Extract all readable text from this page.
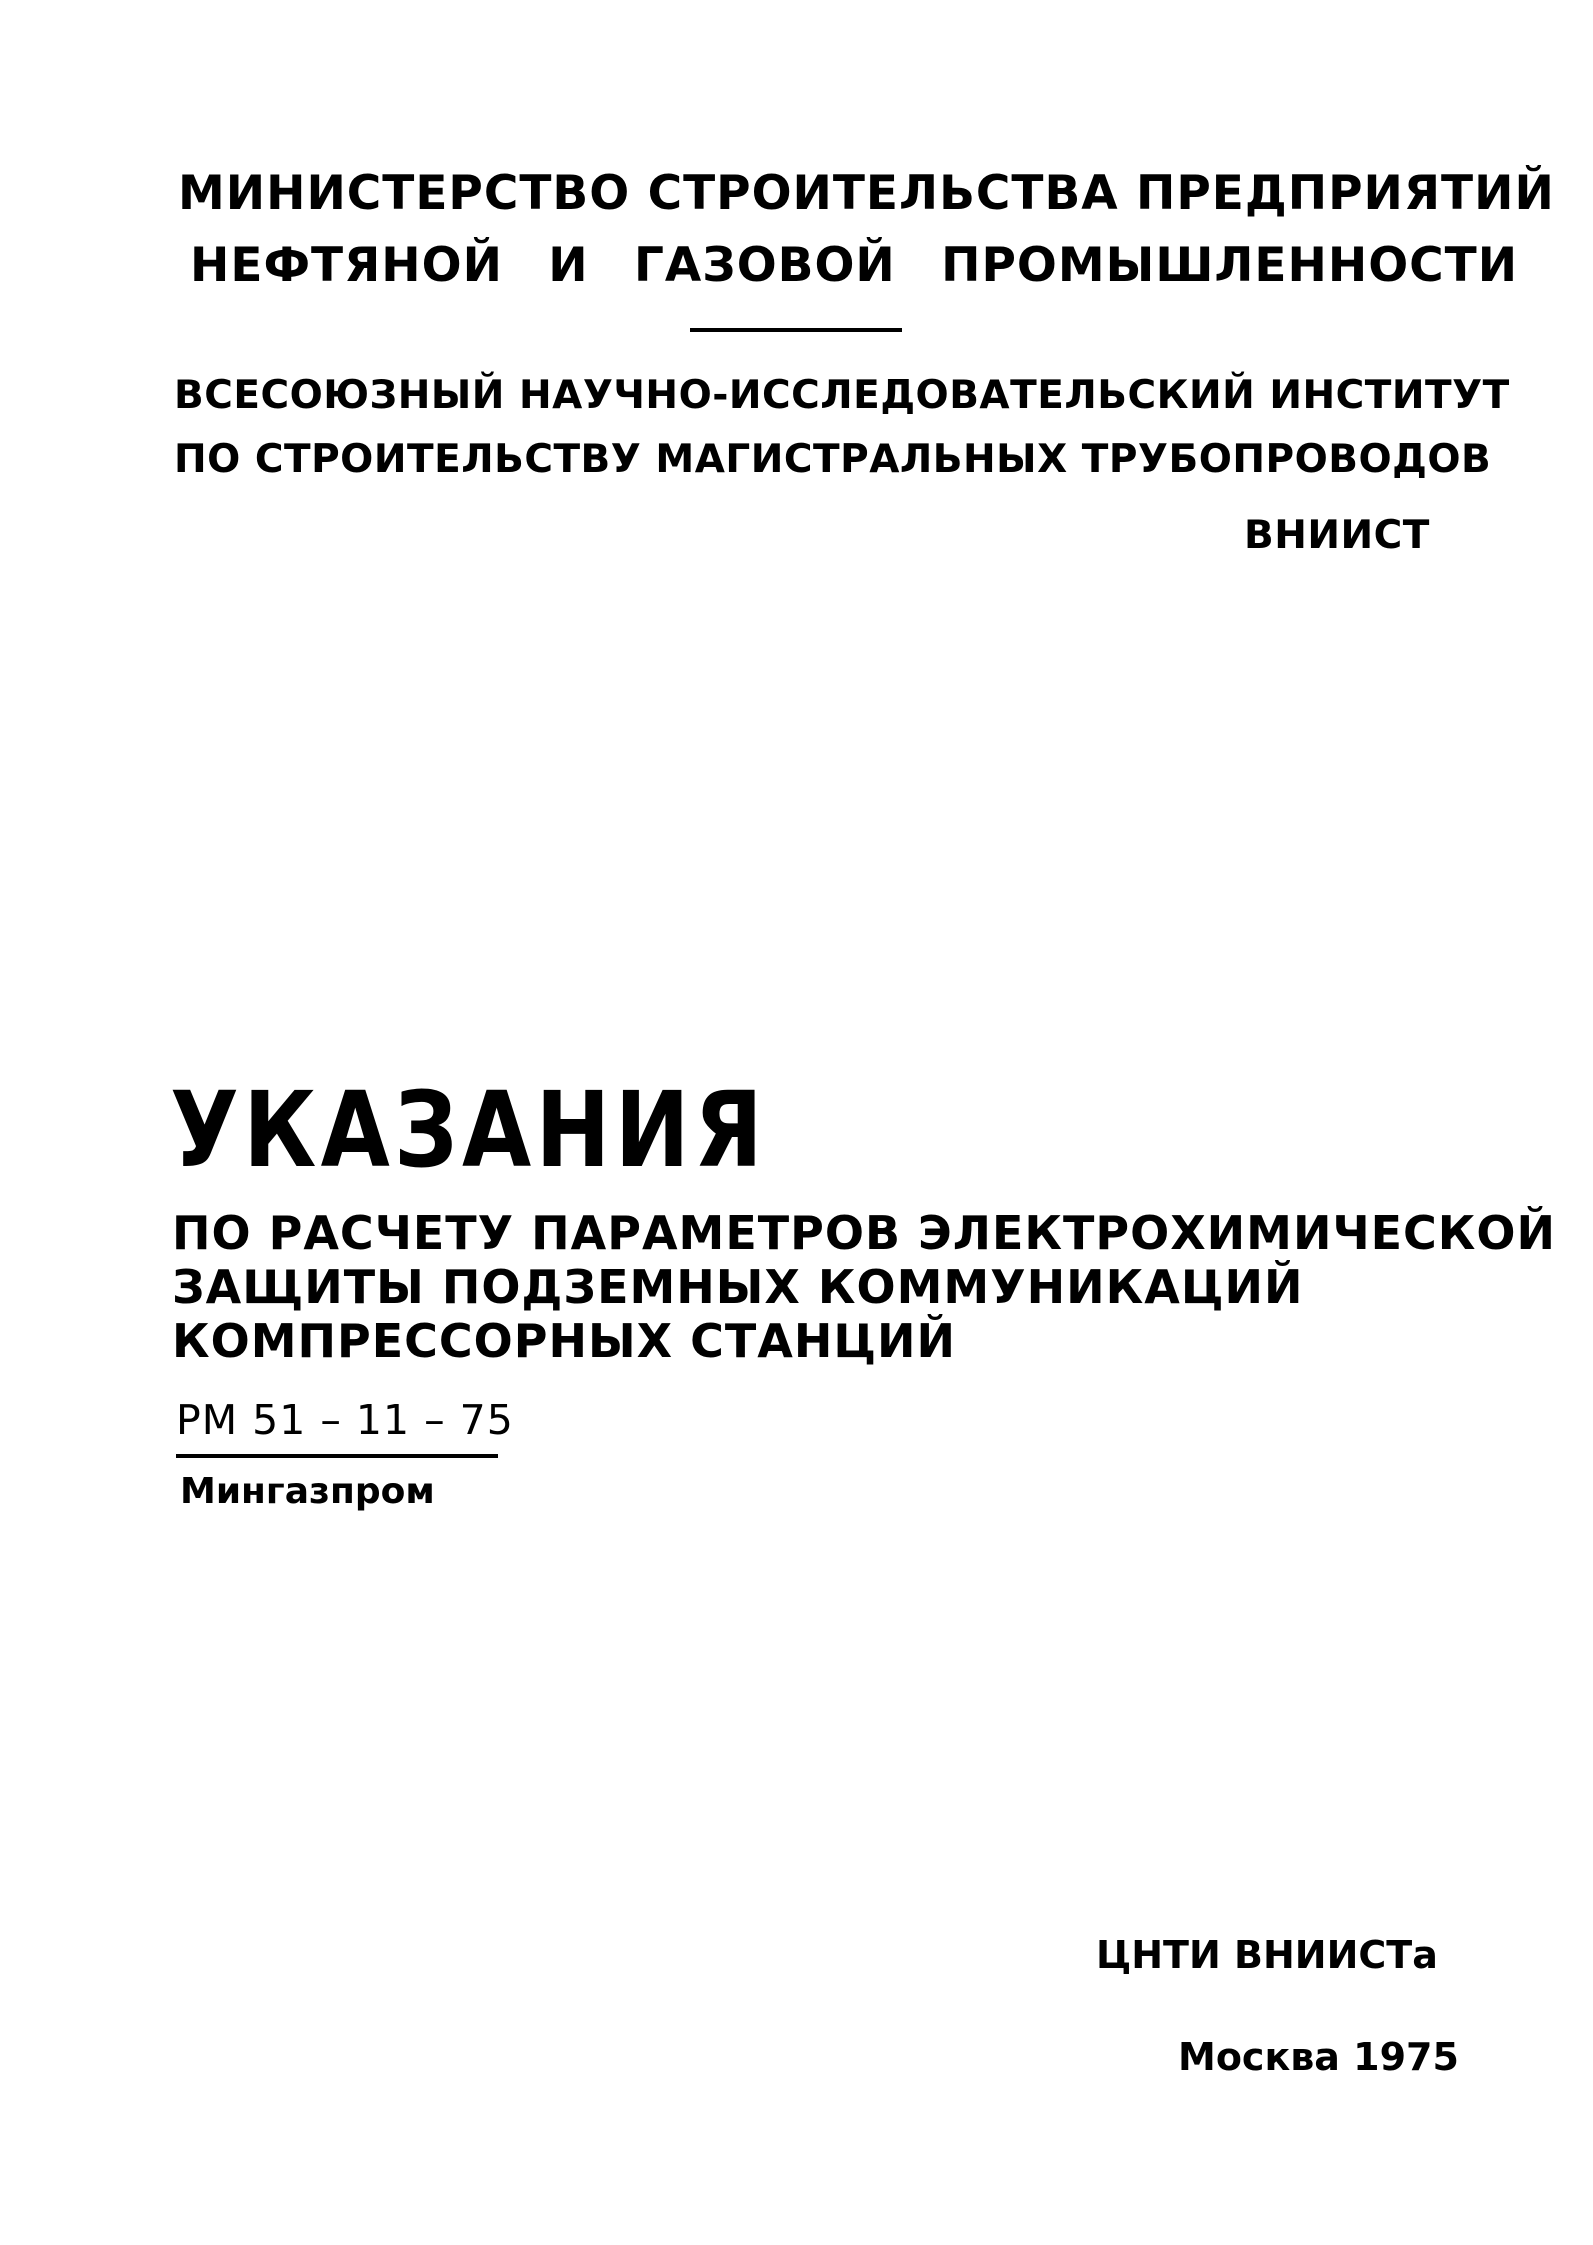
МИНИСТЕРСТВО СТРОИТЕЛЬСТВА ПРЕДПРИЯТИЙ
НЕФТЯНОЙ И ГАЗОВОЙ ПРОМЫШЛЕННОСТИ
ВСЕСОЮЗНЫЙ НАУЧНО-ИССЛЕДОВАТЕЛЬСКИЙ ИНСТИТУТ
ПО СТРОИТЕЛЬСТВУ МАГИСТРАЛЬНЫХ ТРУБОПРОВОДОВ
ВНИИСТ
УКАЗАНИЯ
ПО РАСЧЕТУ ПАРАМЕТРОВ ЭЛЕКТРОХИМИЧЕСКОЙ
ЗАЩИТЫ ПОДЗЕМНЫХ КОММУНИКАЦИЙ
КОМПРЕССОРНЫХ СТАНЦИЙ
РМ 51 – 11 – 75
Мингазпром
ЦНТИ ВНИИСТа
Москва 1975
